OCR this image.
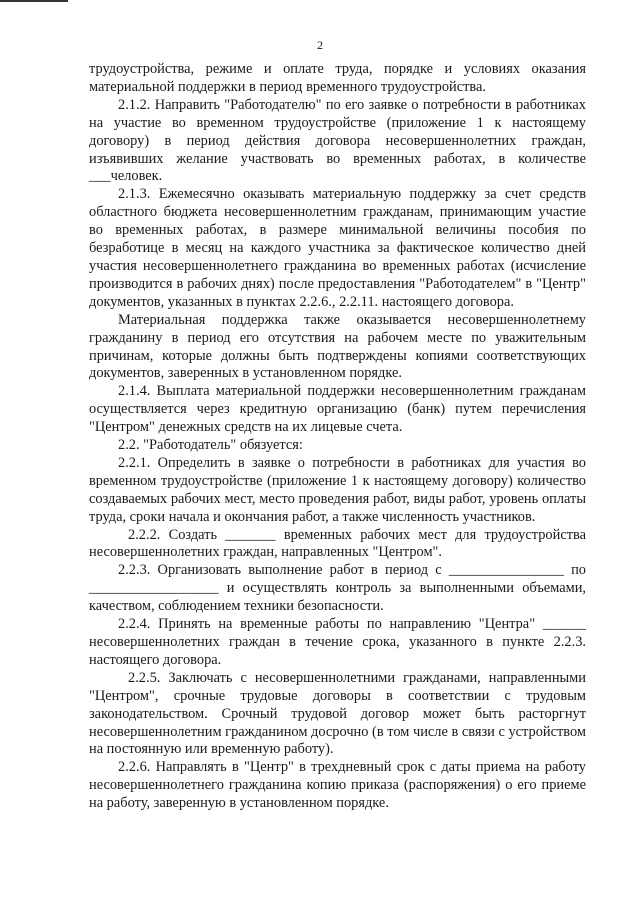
2

трудоустройства, режиме и оплате труда, порядке и условиях оказания материальной поддержки в период временного трудоустройства.

2.1.2. Направить "Работодателю" по его заявке о потребности в работниках на участие во временном трудоустройстве (приложение 1 к настоящему договору) в период действия договора несовершеннолетних граждан, изъявивших желание участвовать во временных работах, в количестве ___человек.

2.1.3. Ежемесячно оказывать материальную поддержку за счет средств областного бюджета несовершеннолетним гражданам, принимающим участие во временных работах, в размере минимальной величины пособия по безработице в месяц на каждого участника за фактическое количество дней участия несовершеннолетнего гражданина во временных работах (исчисление производится в рабочих днях) после предоставления "Работодателем" в "Центр" документов, указанных в пунктах 2.2.6., 2.2.11. настоящего договора.

Материальная поддержка также оказывается несовершеннолетнему гражданину в период его отсутствия на рабочем месте по уважительным причинам, которые должны быть подтверждены копиями соответствующих документов, заверенных в установленном порядке.

2.1.4. Выплата материальной поддержки несовершеннолетним гражданам осуществляется через кредитную организацию (банк) путем перечисления "Центром" денежных средств на их лицевые счета.

2.2. "Работодатель" обязуется:

2.2.1. Определить в заявке о потребности в работниках для участия во временном трудоустройстве (приложение 1 к настоящему договору) количество создаваемых рабочих мест, место проведения работ, виды работ, уровень оплаты труда, сроки начала и окончания работ, а также численность участников.

2.2.2. Создать _______ временных рабочих мест для трудоустройства несовершеннолетних граждан, направленных "Центром".

2.2.3. Организовать выполнение работ в период с ________________ по __________________ и осуществлять контроль за выполненными объемами, качеством, соблюдением техники безопасности.

2.2.4. Принять на временные работы по направлению "Центра" ______ несовершеннолетних граждан в течение срока, указанного в пункте 2.2.3. настоящего договора.

2.2.5. Заключать с несовершеннолетними гражданами, направленными "Центром", срочные трудовые договоры в соответствии с трудовым законодательством. Срочный трудовой договор может быть расторгнут несовершеннолетним гражданином досрочно (в том числе в связи с устройством на постоянную или временную работу).

2.2.6. Направлять в "Центр" в трехдневный срок с даты приема на работу несовершеннолетнего гражданина копию приказа (распоряжения) о его приеме на работу, заверенную в установленном порядке.
